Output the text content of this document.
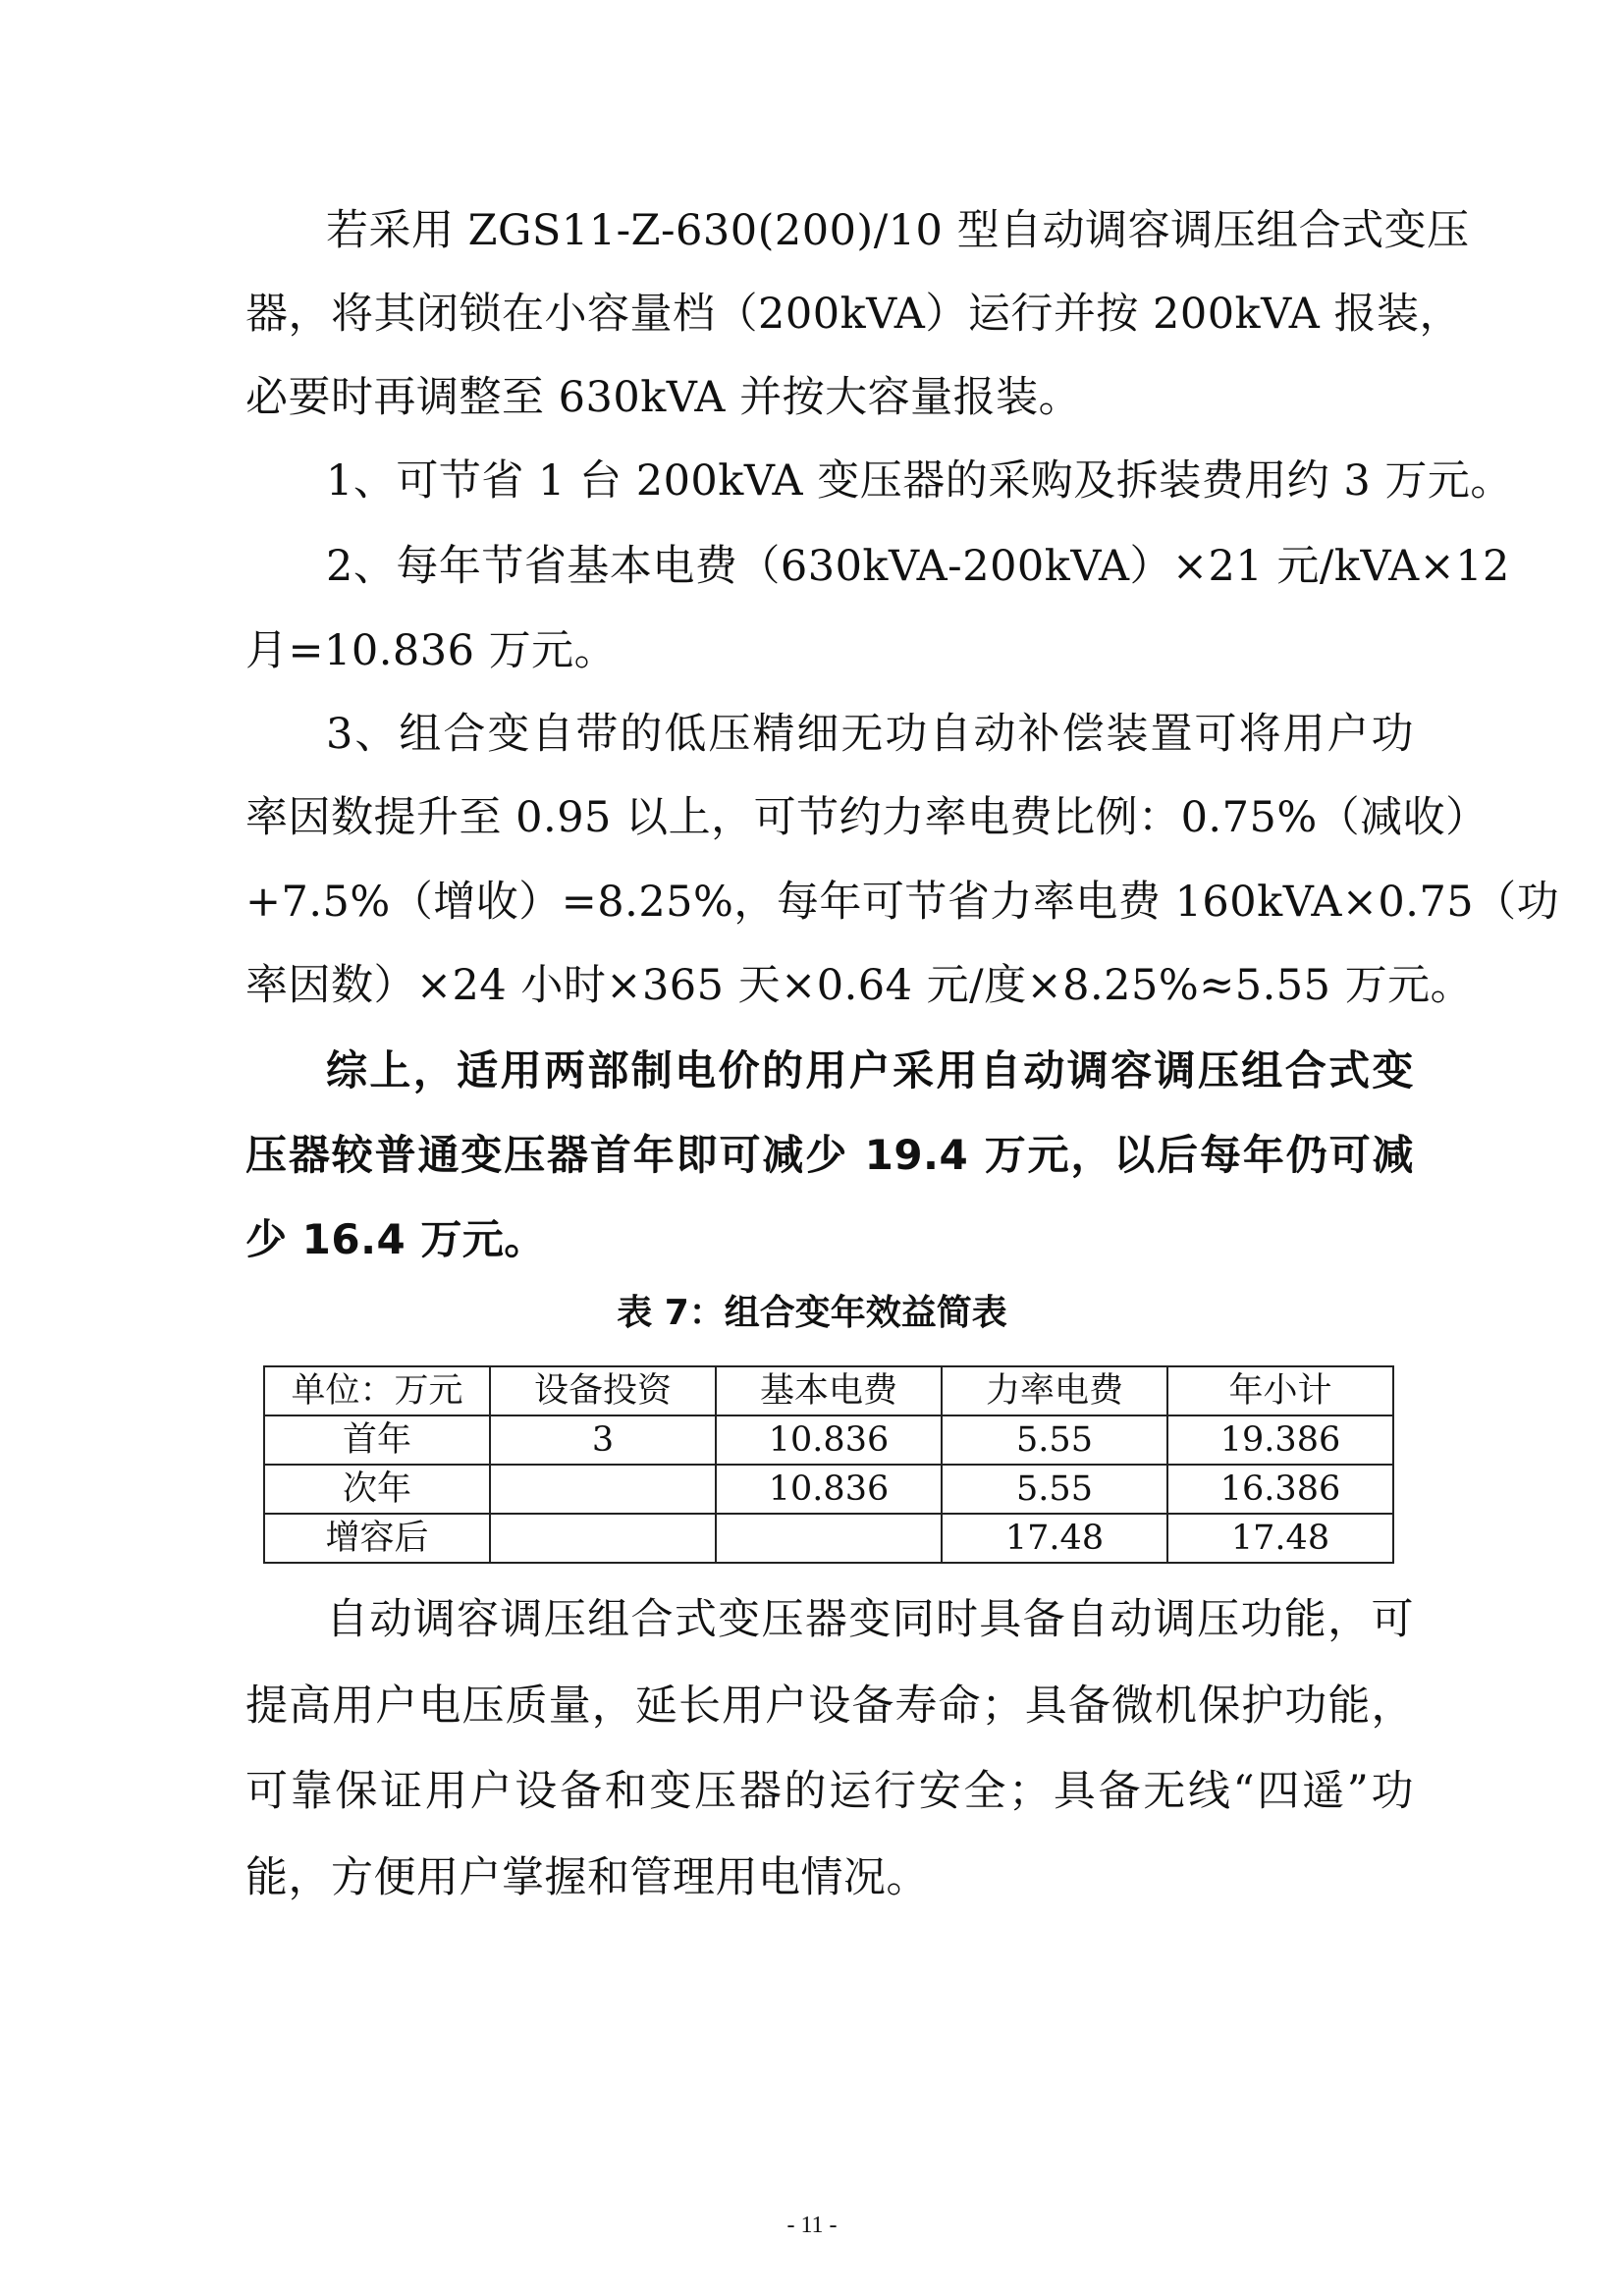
若采用 ZGS11-Z-630(200)/10 型自动调容调压组合式变压
器，将其闭锁在小容量档（200kVA）运行并按 200kVA 报装，
必要时再调整至 630kVA 并按大容量报装。
1、可节省 1 台 200kVA 变压器的采购及拆装费用约 3 万元。
2、每年节省基本电费（630kVA-200kVA）×21 元/kVA×12
月=10.836 万元。
3、组合变自带的低压精细无功自动补偿装置可将用户功
率因数提升至 0.95 以上，可节约力率电费比例：0.75%（减收）
+7.5%（增收）=8.25%，每年可节省力率电费 160kVA×0.75（功
率因数）×24 小时×365 天×0.64 元/度×8.25%≈5.55 万元。
综上，适用两部制电价的用户采用自动调容调压组合式变
压器较普通变压器首年即可减少 19.4 万元，以后每年仍可减
少 16.4 万元。
表 7：组合变年效益简表
单位：万元	设备投资	基本电费	力率电费	年小计
首年	3	10.836	5.55	19.386
次年		10.836	5.55	16.386
增容后			17.48	17.48
自动调容调压组合式变压器变同时具备自动调压功能，可
提高用户电压质量，延长用户设备寿命；具备微机保护功能，
可靠保证用户设备和变压器的运行安全；具备无线“四遥”功
能，方便用户掌握和管理用电情况。
- 11 -
